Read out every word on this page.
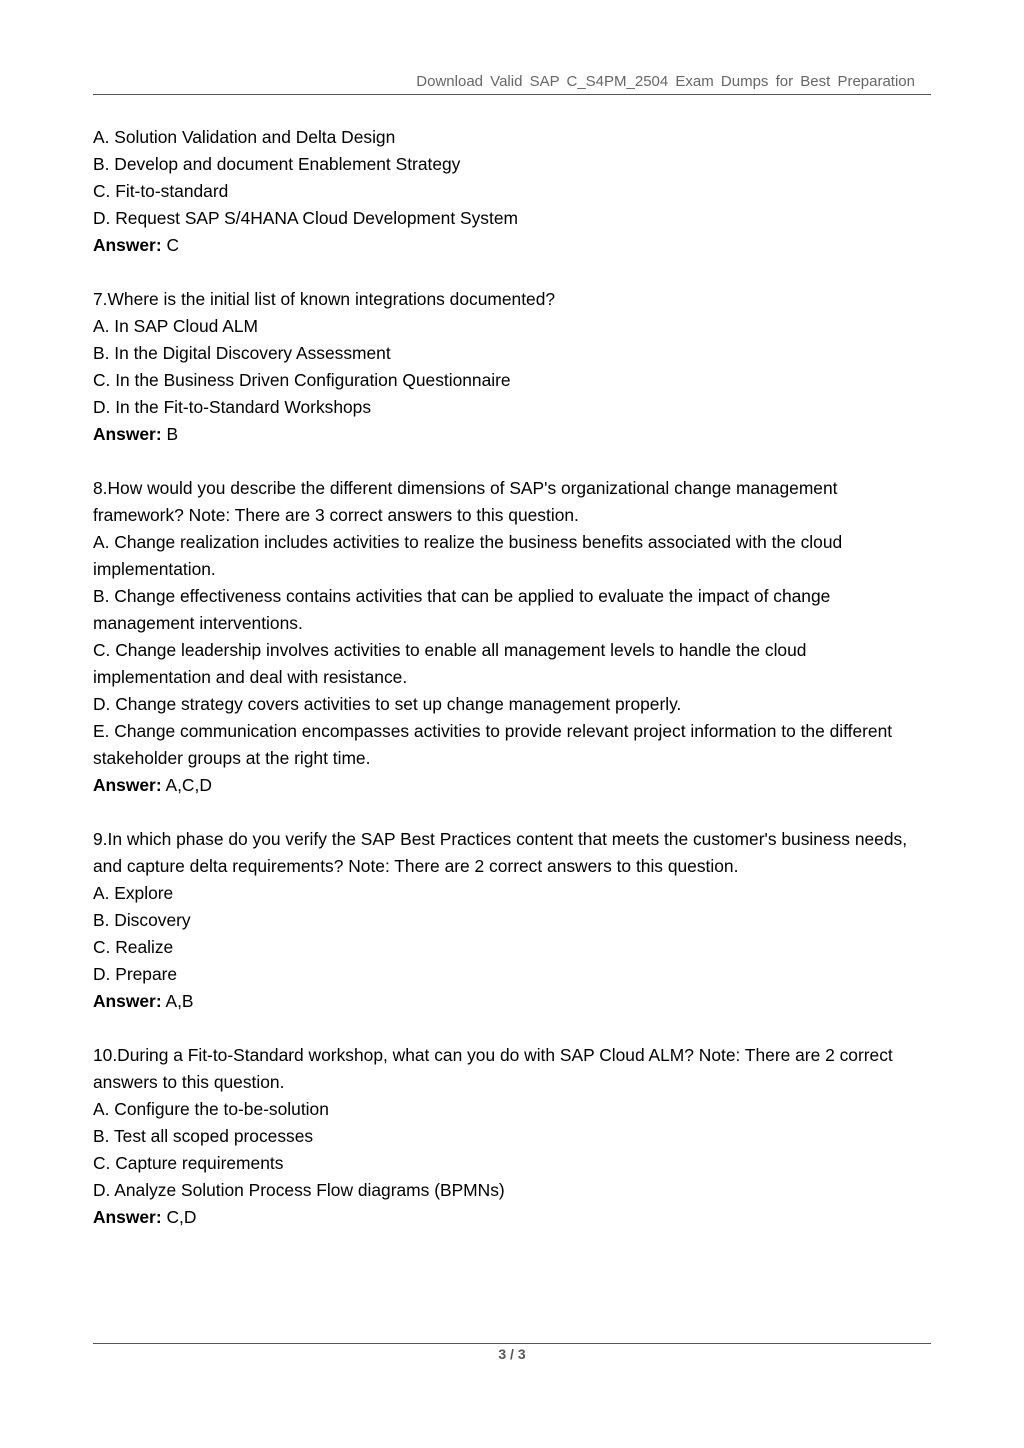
Download Valid SAP C_S4PM_2504 Exam Dumps for Best Preparation
A. Solution Validation and Delta Design
B. Develop and document Enablement Strategy
C. Fit-to-standard
D. Request SAP S/4HANA Cloud Development System
Answer: C
7.Where is the initial list of known integrations documented?
A. In SAP Cloud ALM
B. In the Digital Discovery Assessment
C. In the Business Driven Configuration Questionnaire
D. In the Fit-to-Standard Workshops
Answer: B
8.How would you describe the different dimensions of SAP's organizational change management
framework? Note: There are 3 correct answers to this question.
A. Change realization includes activities to realize the business benefits associated with the cloud
implementation.
B. Change effectiveness contains activities that can be applied to evaluate the impact of change
management interventions.
C. Change leadership involves activities to enable all management levels to handle the cloud
implementation and deal with resistance.
D. Change strategy covers activities to set up change management properly.
E. Change communication encompasses activities to provide relevant project information to the different
stakeholder groups at the right time.
Answer: A,C,D
9.In which phase do you verify the SAP Best Practices content that meets the customer's business needs,
and capture delta requirements? Note: There are 2 correct answers to this question.
A. Explore
B. Discovery
C. Realize
D. Prepare
Answer: A,B
10.During a Fit-to-Standard workshop, what can you do with SAP Cloud ALM? Note: There are 2 correct
answers to this question.
A. Configure the to-be-solution
B. Test all scoped processes
C. Capture requirements
D. Analyze Solution Process Flow diagrams (BPMNs)
Answer: C,D
3 / 3
